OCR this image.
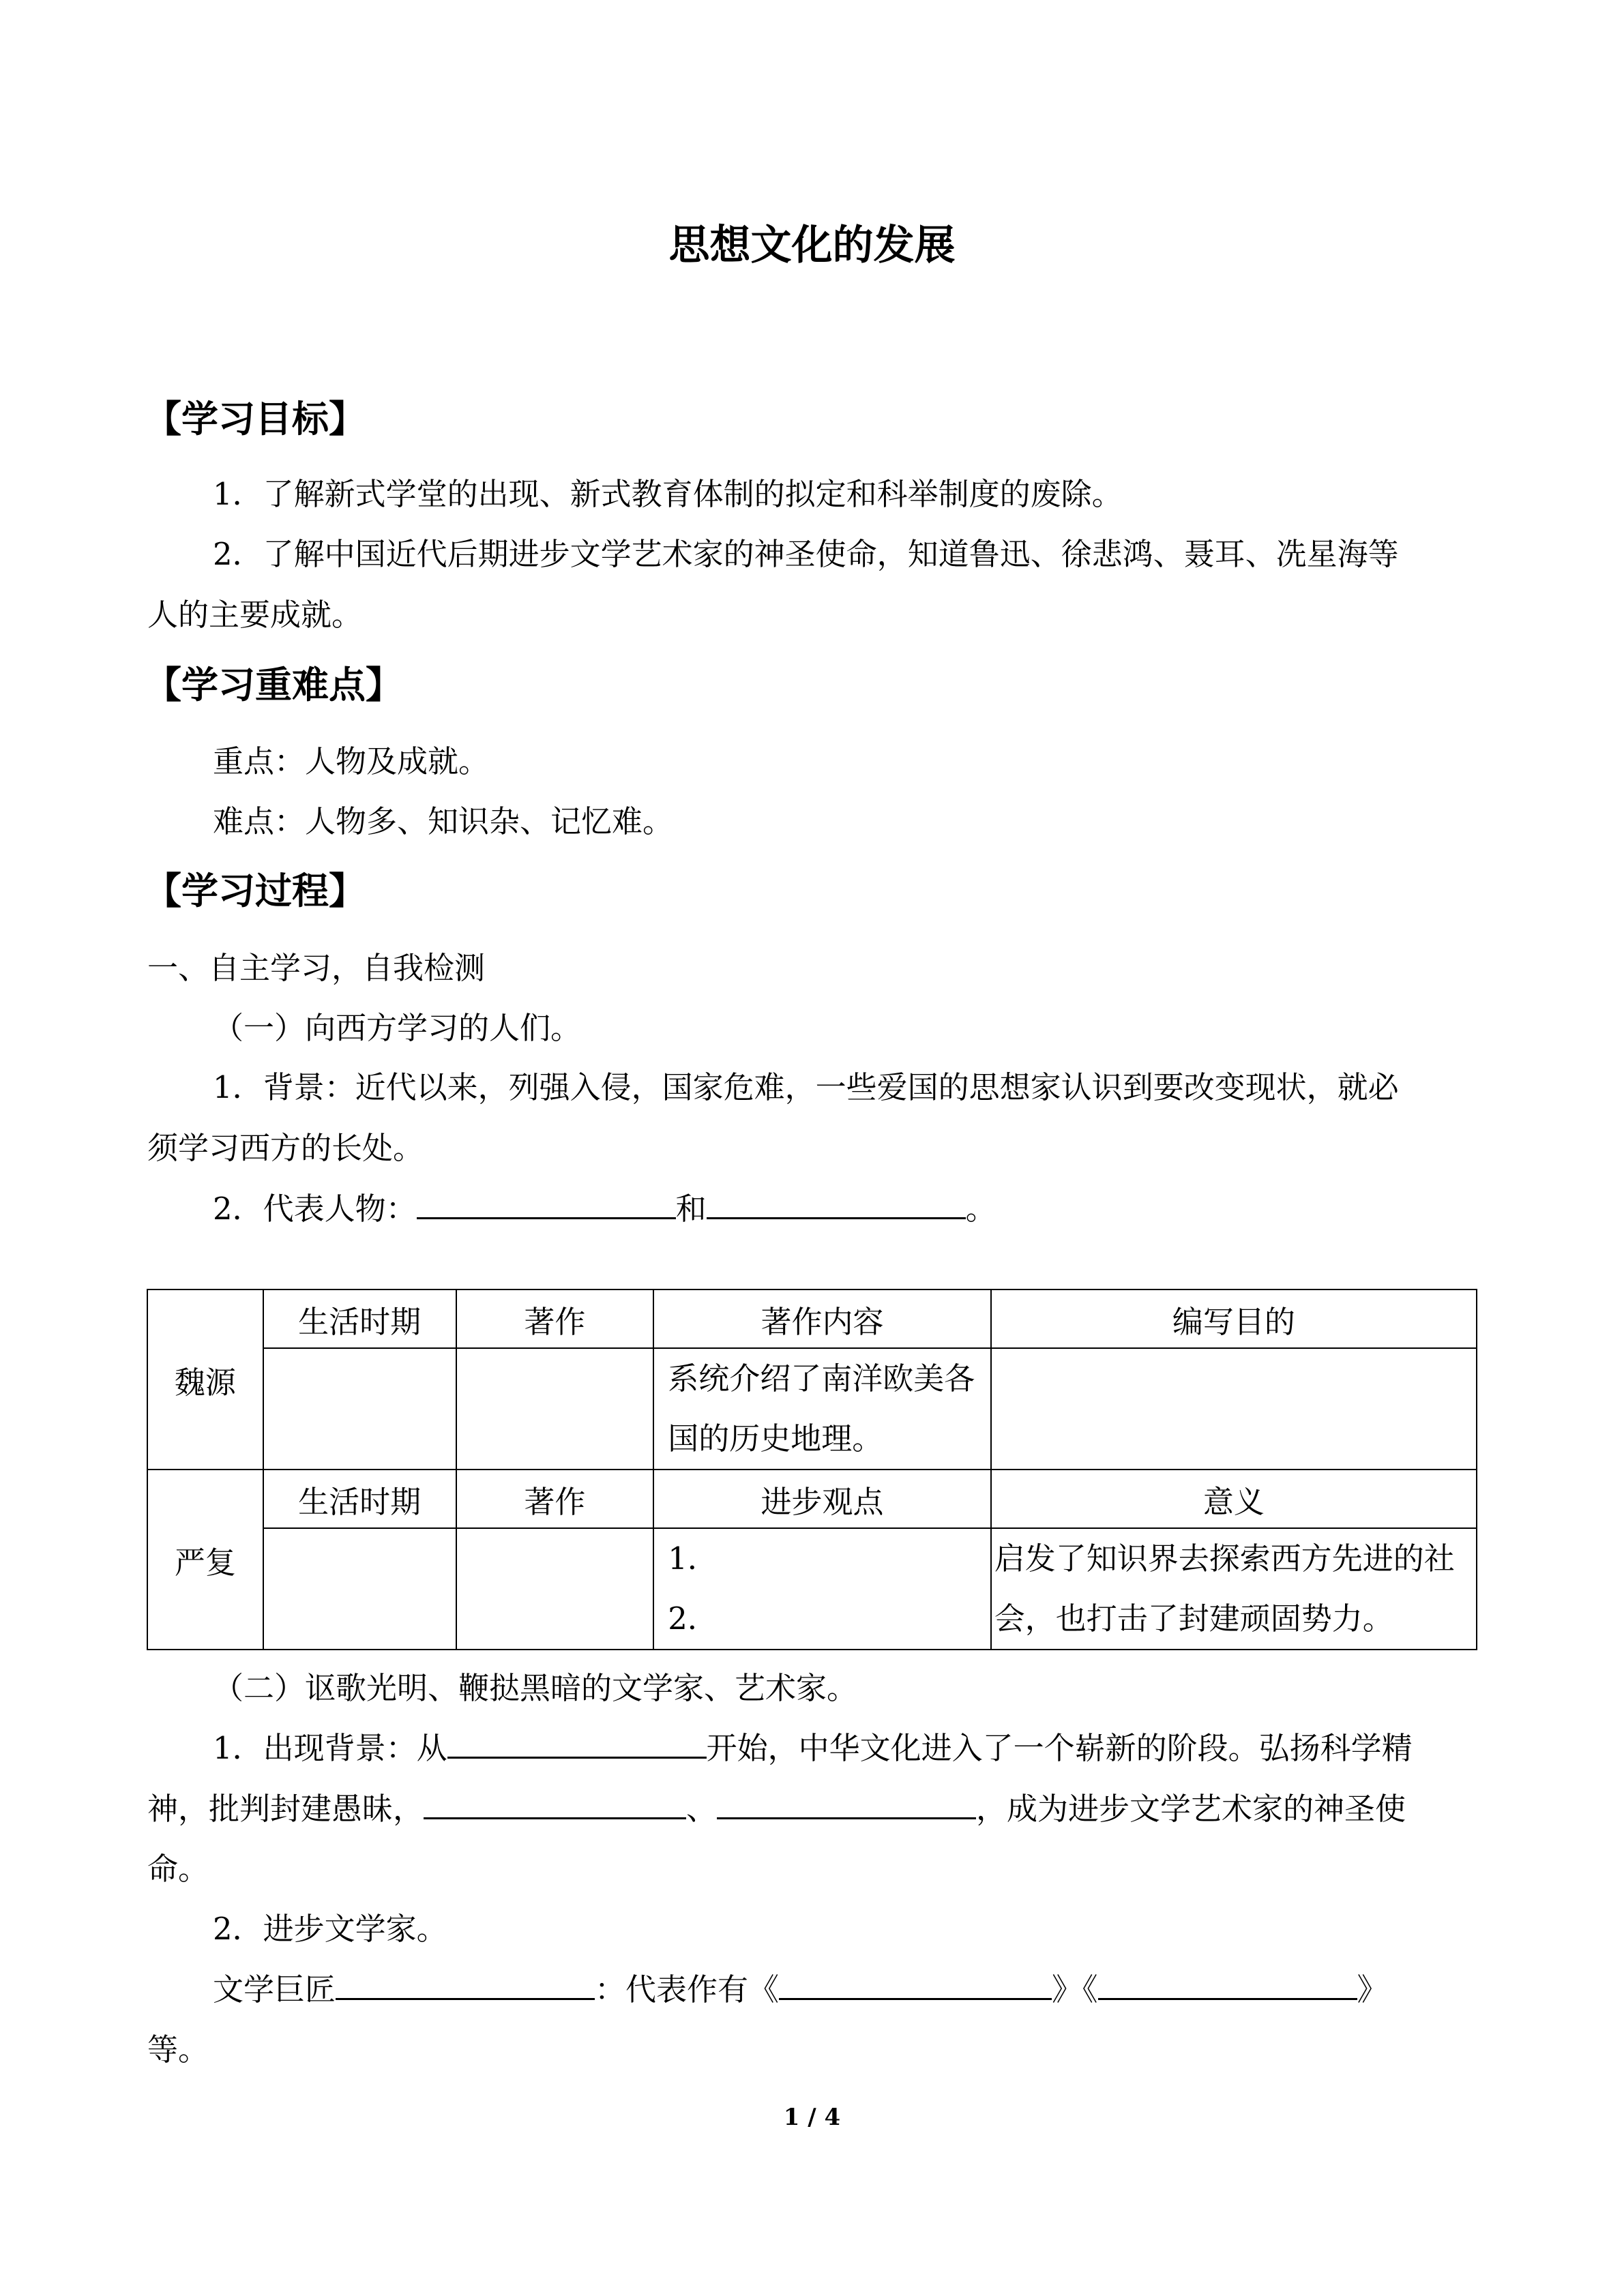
思想文化的发展
【学习目标】
1．了解新式学堂的出现、新式教育体制的拟定和科举制度的废除。
2．了解中国近代后期进步文学艺术家的神圣使命，知道鲁迅、徐悲鸿、聂耳、冼星海等
人的主要成就。
【学习重难点】
重点：人物及成就。
难点：人物多、知识杂、记忆难。
【学习过程】
一、自主学习，自我检测
（一）向西方学习的人们。
1．背景：近代以来，列强入侵，国家危难，一些爱国的思想家认识到要改变现状，就必
须学习西方的长处。
2．代表人物：	和	。
魏源	生活时期	著作	著作内容	编写目的

			系统介绍了南洋欧美各国的历史地理。	

严复	生活时期	著作	进步观点	意义

			1．
2．	启发了知识界去探索西方先进的社会，也打击了封建顽固势力。
（二）讴歌光明、鞭挞黑暗的文学家、艺术家。
1．出现背景：从	开始，中华文化进入了一个崭新的阶段。弘扬科学精
神，批判封建愚昧，	、	，成为进步文学艺术家的神圣使
命。
2．进步文学家。
文学巨匠	：代表作有《	》《	》
等。
1 / 4
